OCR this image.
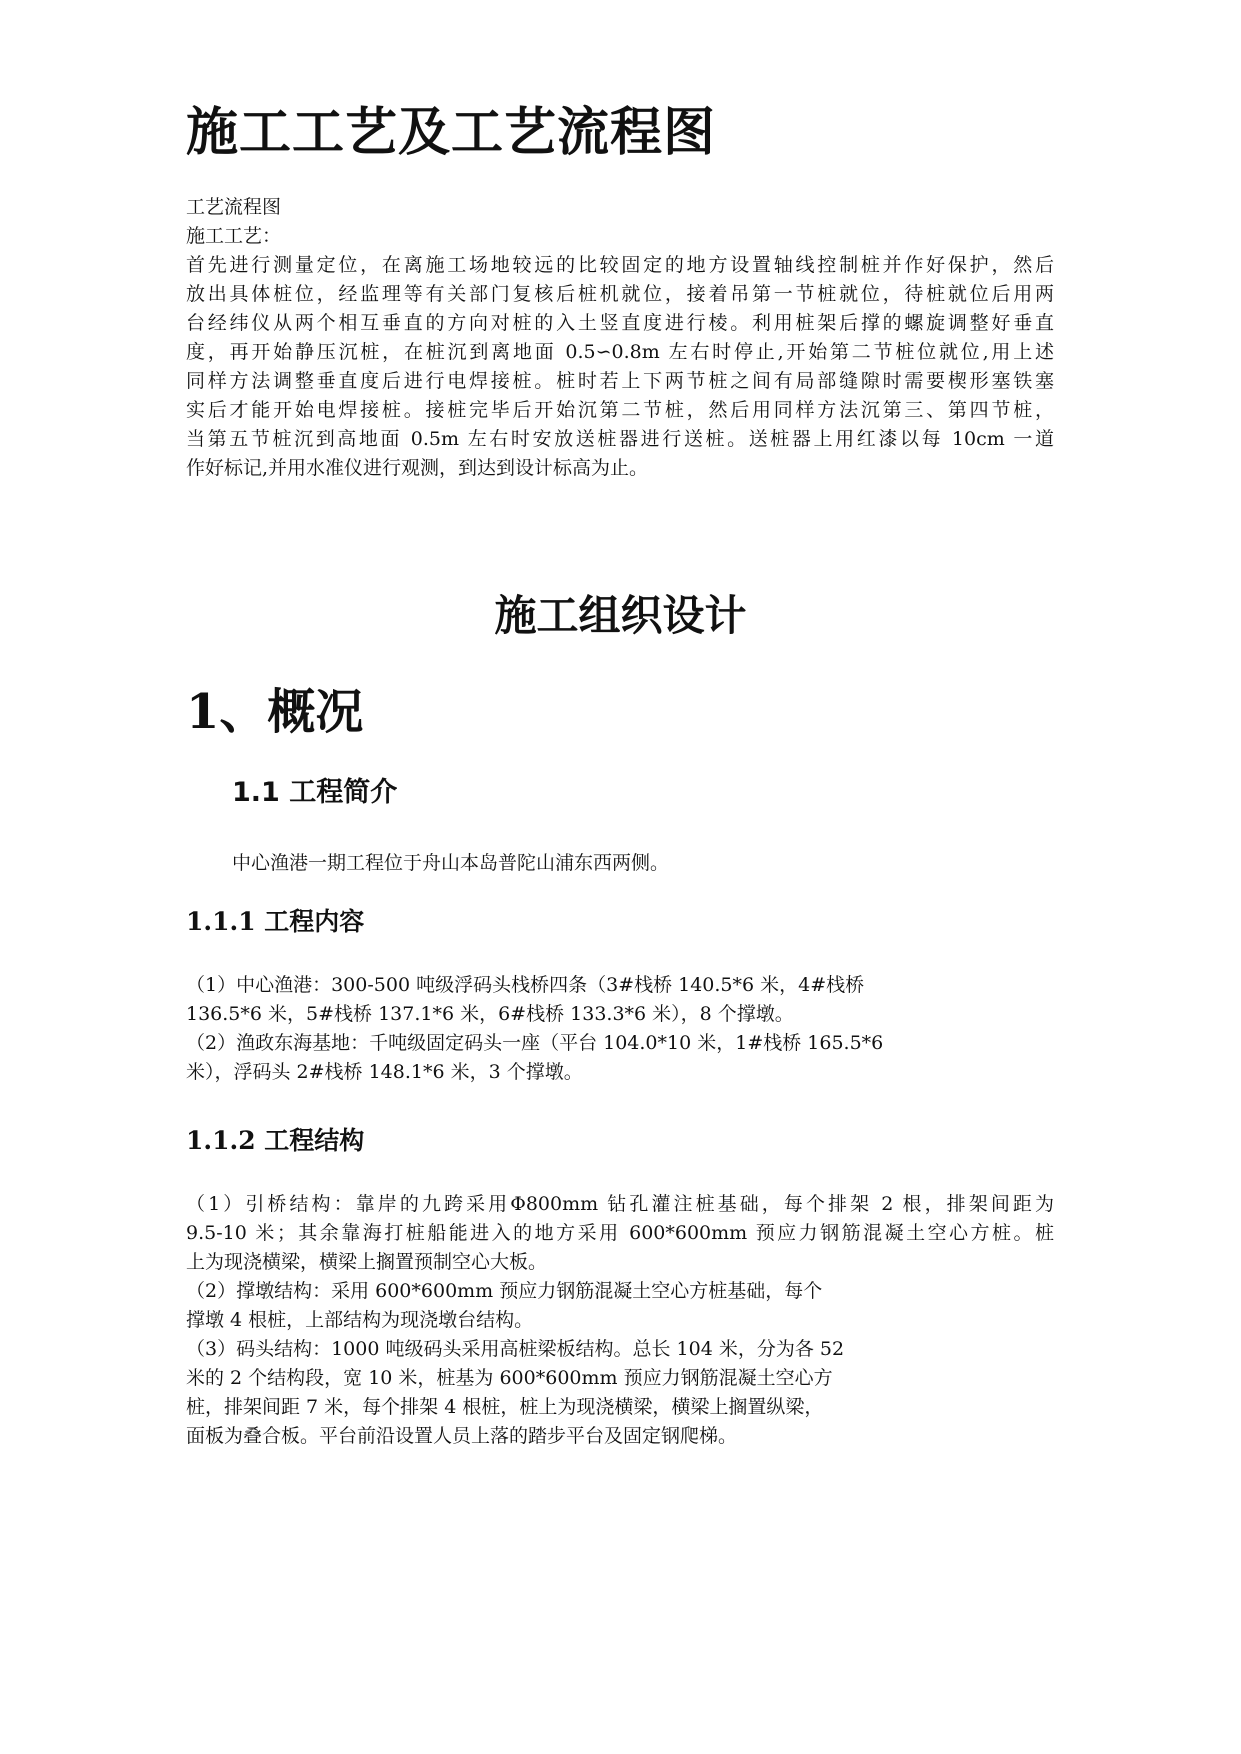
施工工艺及工艺流程图
工艺流程图
施工工艺：
首先进行测量定位，在离施工场地较远的比较固定的地方设置轴线控制桩并作好保护，然后
放出具体桩位，经监理等有关部门复核后桩机就位，接着吊第一节桩就位，待桩就位后用两
台经纬仪从两个相互垂直的方向对桩的入土竖直度进行棱。利用桩架后撑的螺旋调整好垂直
度，再开始静压沉桩，在桩沉到离地面 0.5∽0.8m 左右时停止,开始第二节桩位就位,用上述
同样方法调整垂直度后进行电焊接桩。桩时若上下两节桩之间有局部缝隙时需要楔形塞铁塞
实后才能开始电焊接桩。接桩完毕后开始沉第二节桩，然后用同样方法沉第三、第四节桩，
当第五节桩沉到高地面 0.5m 左右时安放送桩器进行送桩。送桩器上用红漆以每 10cm 一道
作好标记,并用水准仪进行观测，到达到设计标高为止。
施工组织设计
1、概况
1.1 工程简介

中心渔港一期工程位于舟山本岛普陀山浦东西两侧。

1.1.1 工程内容
（1）中心渔港：300-500 吨级浮码头栈桥四条（3#栈桥 140.5*6 米，4#栈桥
136.5*6 米，5#栈桥 137.1*6 米，6#栈桥 133.3*6 米），8 个撑墩。
（2）渔政东海基地：千吨级固定码头一座（平台 104.0*10 米，1#栈桥 165.5*6
米），浮码头 2#栈桥 148.1*6 米，3 个撑墩。
1.1.2 工程结构
（1）引桥结构：靠岸的九跨采用Φ800mm 钻孔灌注桩基础，每个排架 2 根，排架间距为
9.5-10 米；其余靠海打桩船能进入的地方采用 600*600mm 预应力钢筋混凝土空心方桩。桩
上为现浇横梁，横梁上搁置预制空心大板。
（2）撑墩结构：采用 600*600mm 预应力钢筋混凝土空心方桩基础，每个
撑墩 4 根桩，上部结构为现浇墩台结构。
（3）码头结构：1000 吨级码头采用高桩梁板结构。总长 104 米，分为各 52
米的 2 个结构段，宽 10 米，桩基为 600*600mm 预应力钢筋混凝土空心方
桩，排架间距 7 米，每个排架 4 根桩，桩上为现浇横梁，横梁上搁置纵梁，
面板为叠合板。平台前沿设置人员上落的踏步平台及固定钢爬梯。
